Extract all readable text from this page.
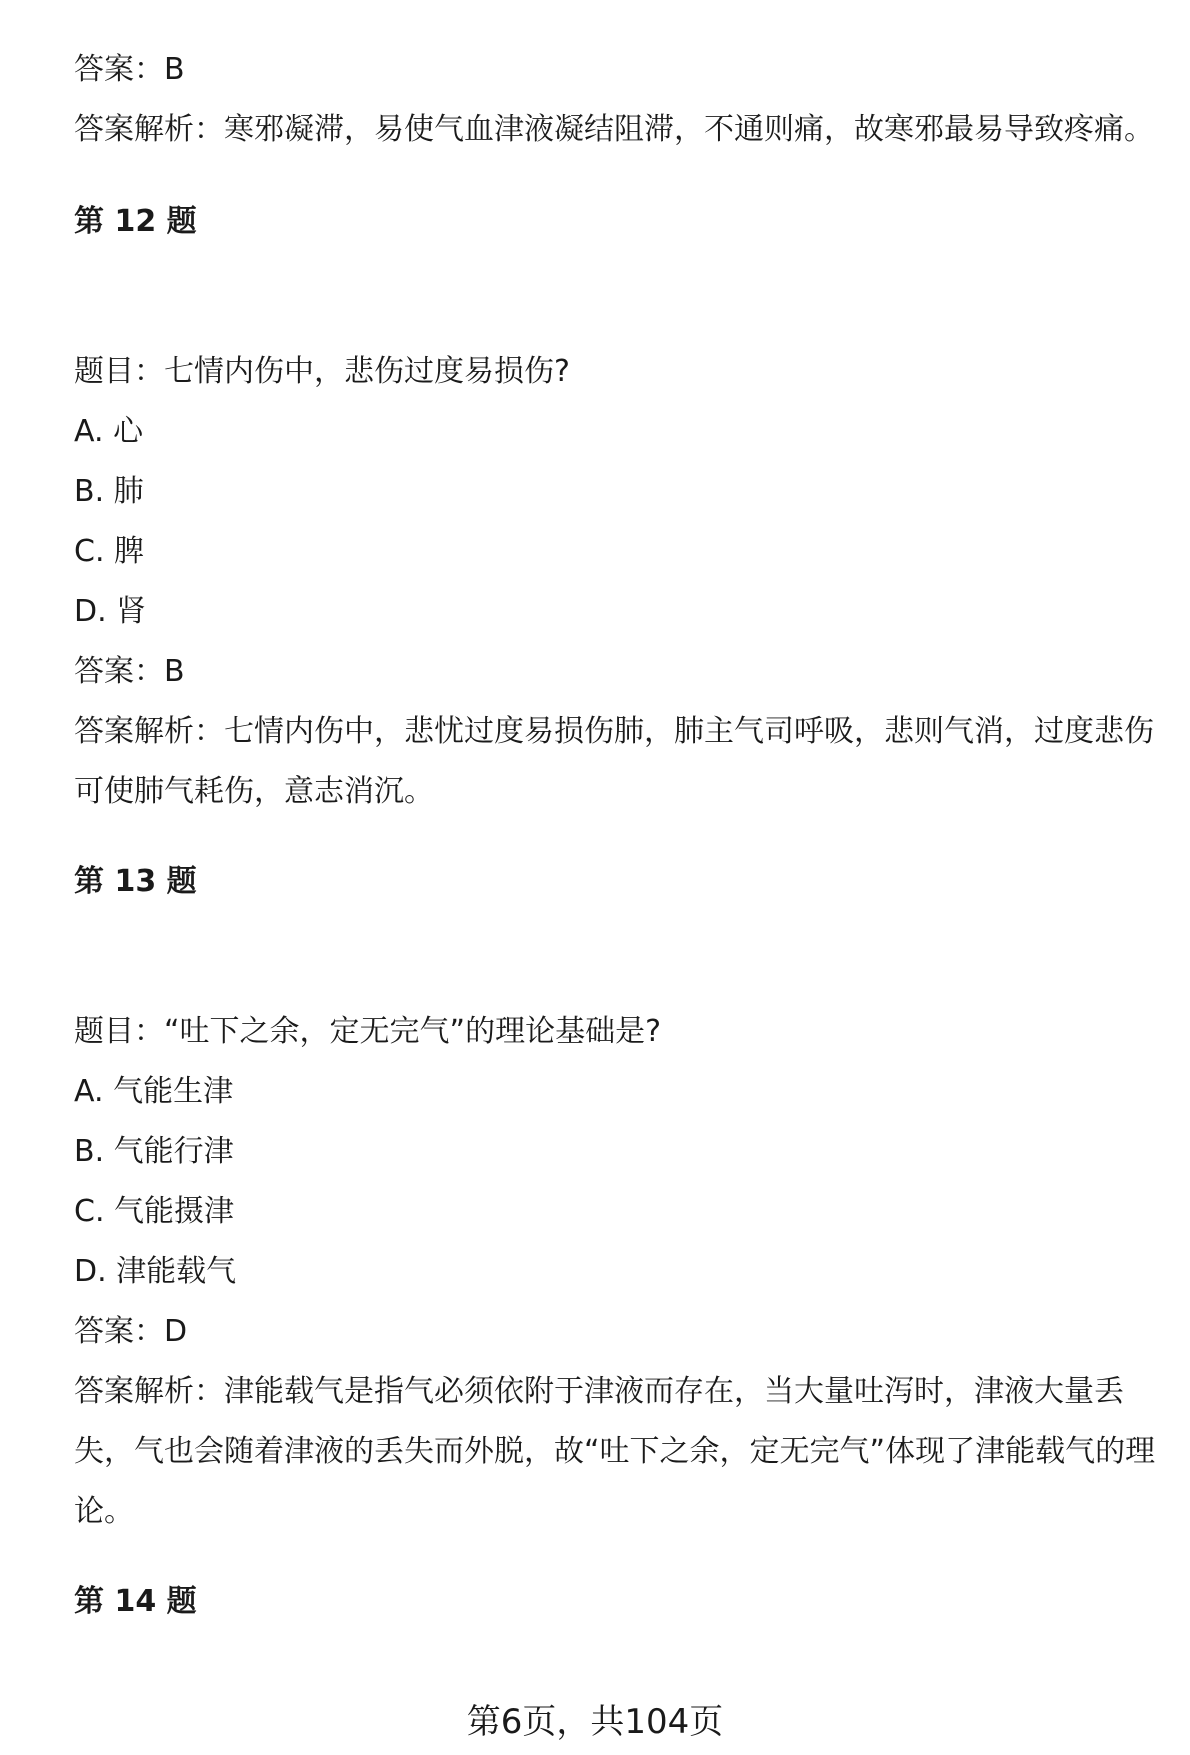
答案：B
答案解析：寒邪凝滞，易使气血津液凝结阻滞，不通则痛，故寒邪最易导致疼痛。
第 12 题
题目：七情内伤中，悲伤过度易损伤?
A. 心
B. 肺
C. 脾
D. 肾
答案：B
答案解析：七情内伤中，悲忧过度易损伤肺，肺主气司呼吸，悲则气消，过度悲伤可使肺气耗伤，意志消沉。
第 13 题
题目：“吐下之余，定无完气”的理论基础是?
A. 气能生津
B. 气能行津
C. 气能摄津
D. 津能载气
答案：D
答案解析：津能载气是指气必须依附于津液而存在，当大量吐泻时，津液大量丢失，气也会随着津液的丢失而外脱，故“吐下之余，定无完气”体现了津能载气的理论。
第 14 题
第6页，共104页
